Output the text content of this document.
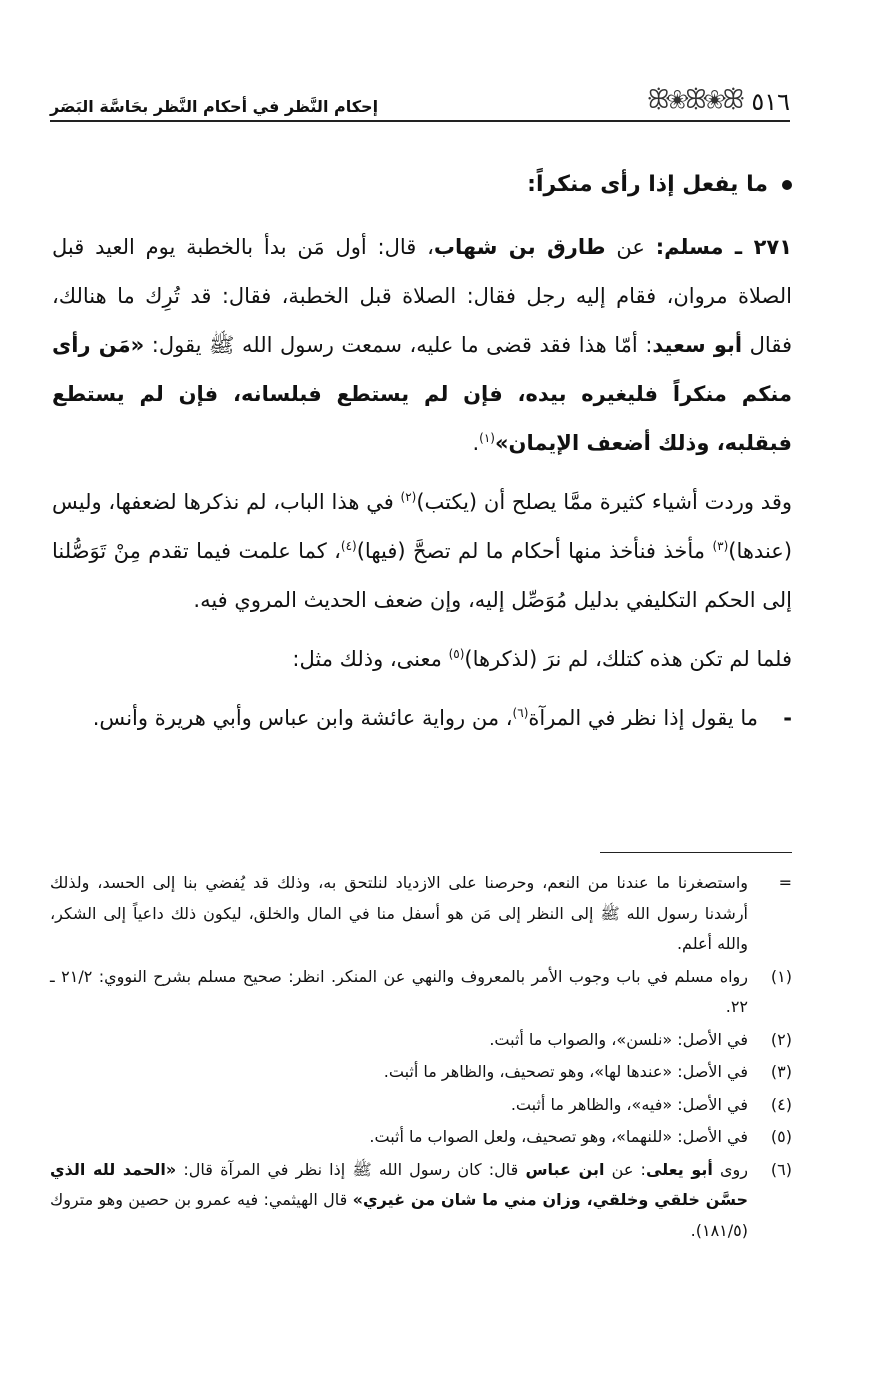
٥١٦
ꕥ❀ꕥ❀ꕥ
إحكام النَّظر في أحكام النَّظر بحَاسَّة البَصَر

ما يفعل إذا رأى منكراً:

٢٧١ ـ مسلم: عن طارق بن شهاب، قال: أول مَن بدأ بالخطبة يوم العيد قبل الصلاة مروان، فقام إليه رجل فقال: الصلاة قبل الخطبة، فقال: قد تُرِك ما هنالك، فقال أبو سعيد: أمّا هذا فقد قضى ما عليه، سمعت رسول الله ﷺ يقول: «مَن رأى منكم منكراً فليغيره بيده، فإن لم يستطع فبلسانه، فإن لم يستطع فبقلبه، وذلك أضعف الإيمان»$^{(١)}$.

وقد وردت أشياء كثيرة ممَّا يصلح أن (يكتب)$^{(٢)}$ في هذا الباب، لم نذكرها لضعفها، وليس (عندها)$^{(٣)}$ مأخذ فنأخذ منها أحكام ما لم تصحَّ (فيها)$^{(٤)}$، كما علمت فيما تقدم مِنْ تَوَصُّلنا إلى الحكم التكليفي بدليل مُوَصِّل إليه، وإن ضعف الحديث المروي فيه.

فلما لم تكن هذه كتلك، لم نرَ (لذكرها)$^{(٥)}$ معنى، وذلك مثل:

-
ما يقول إذا نظر في المرآة$^{(٦)}$، من رواية عائشة وابن عباس وأبي هريرة وأنس.

=
واستصغرنا ما عندنا من النعم، وحرصنا على الازدياد لنلتحق به، وذلك قد يُفضي بنا إلى الحسد، ولذلك أرشدنا رسول الله ﷺ إلى النظر إلى مَن هو أسفل منا في المال والخلق، ليكون ذلك داعياً إلى الشكر، والله أعلم.
(١)
رواه مسلم في باب وجوب الأمر بالمعروف والنهي عن المنكر. انظر: صحيح مسلم بشرح النووي: ٢١/٢ ـ ٢٢.
(٢)
في الأصل: «نلسن»، والصواب ما أثبت.
(٣)
في الأصل: «عندها لها»، وهو تصحيف، والظاهر ما أثبت.
(٤)
في الأصل: «فيه»، والظاهر ما أثبت.
(٥)
في الأصل: «للنهما»، وهو تصحيف، ولعل الصواب ما أثبت.
(٦)
روى أبو يعلى: عن ابن عباس قال: كان رسول الله ﷺ إذا نظر في المرآة قال: «الحمد لله الذي حسَّن خلقي وخلقي، وزان مني ما شان من غيري» قال الهيثمي: فيه عمرو بن حصين وهو متروك (١٨١/٥).
